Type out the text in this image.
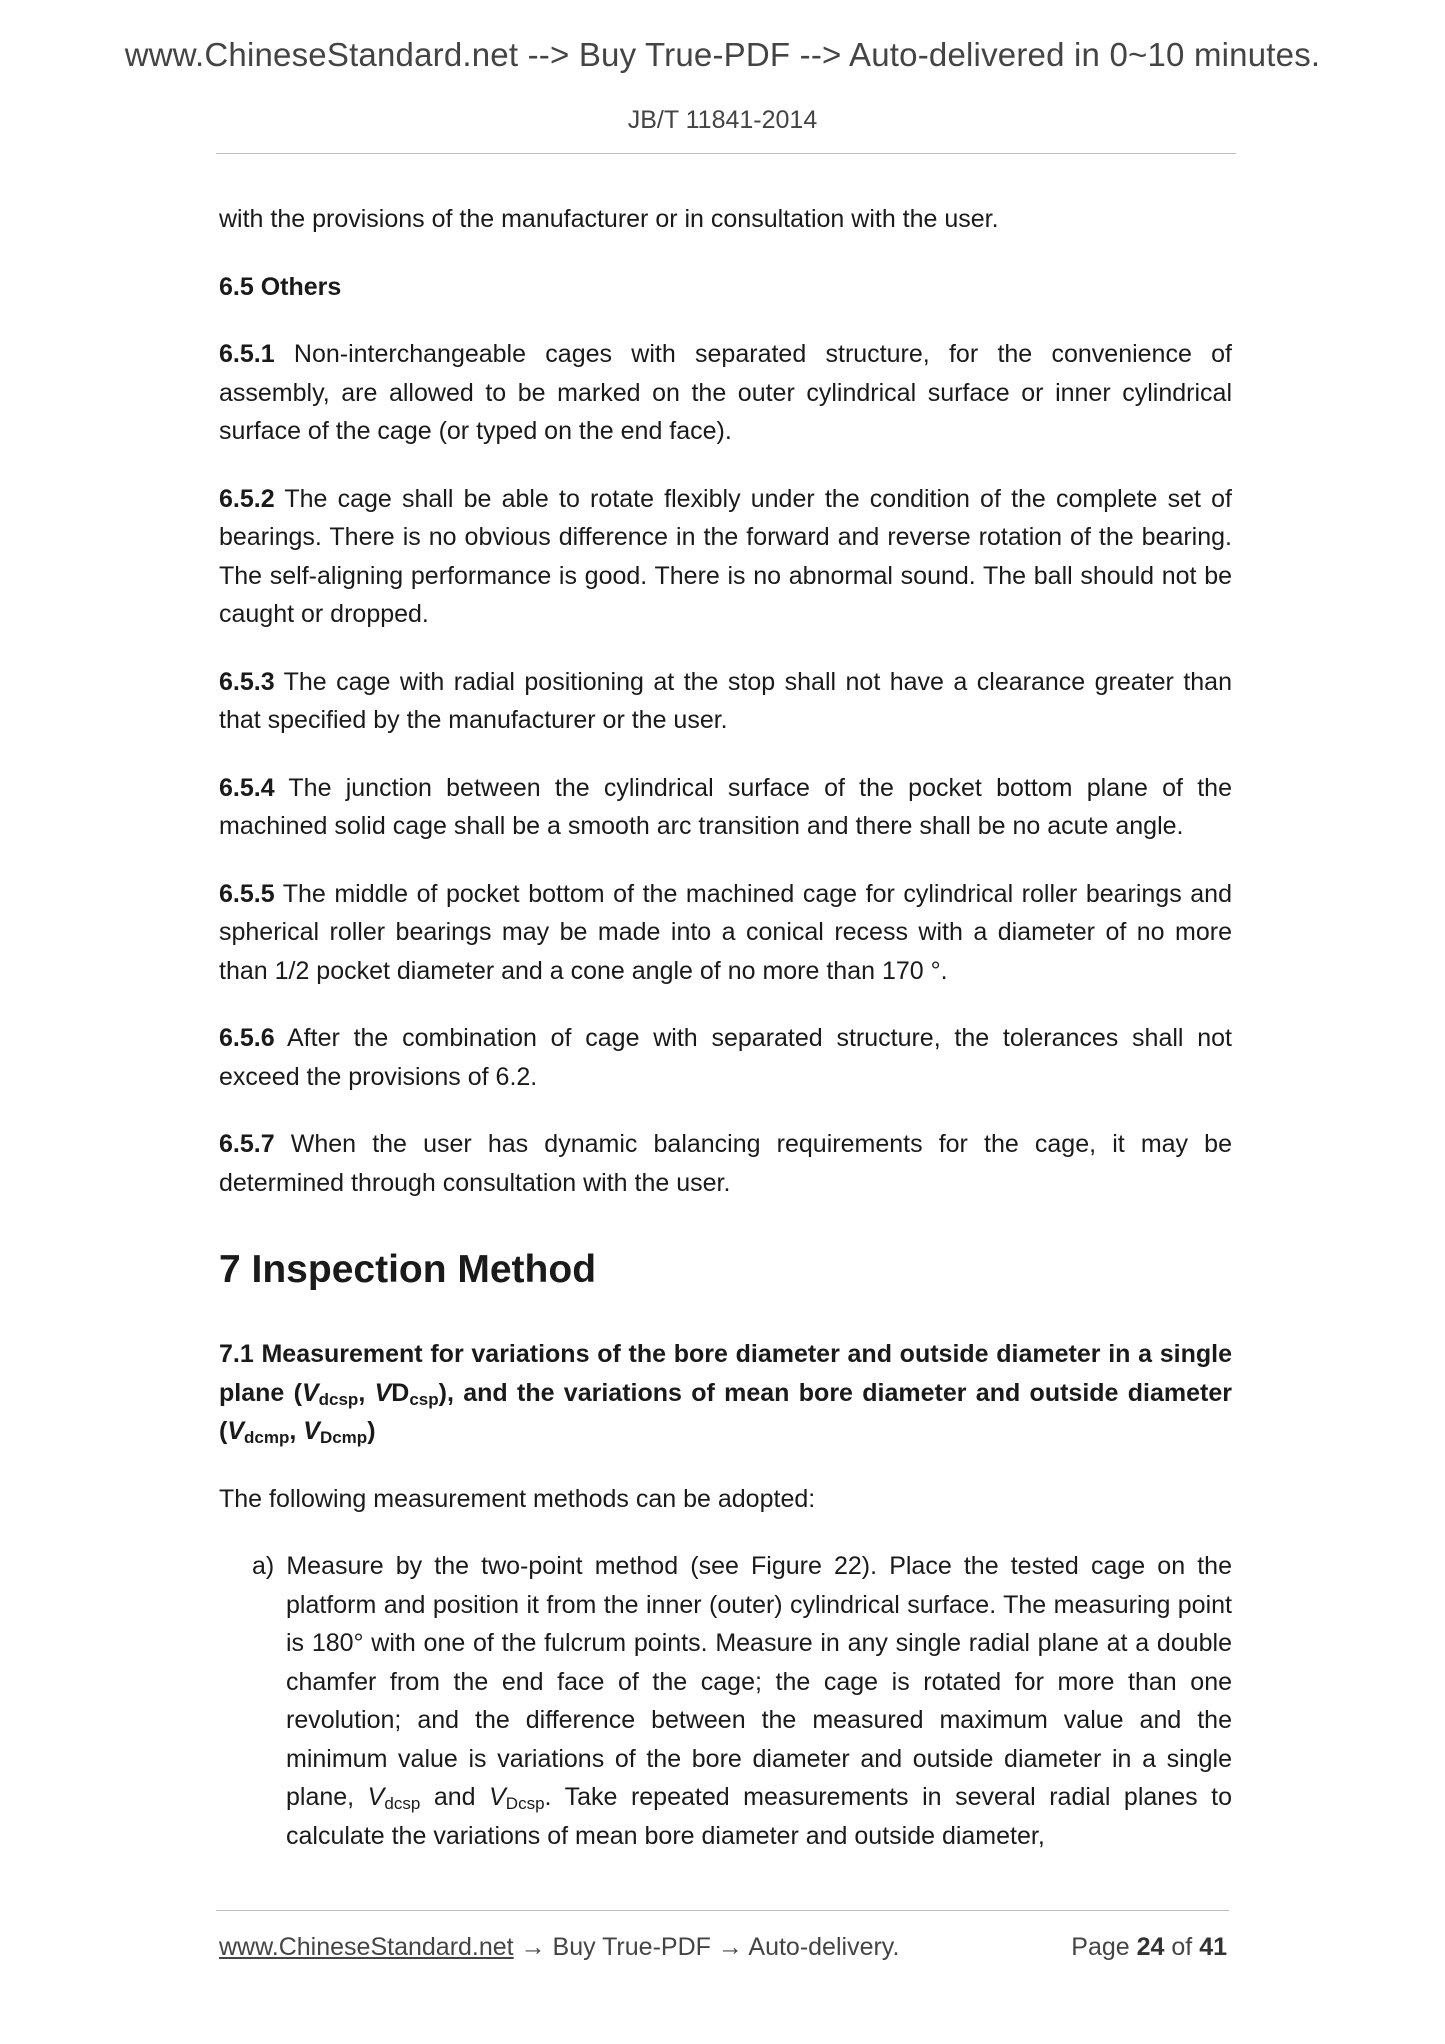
www.ChineseStandard.net --> Buy True-PDF --> Auto-delivered in 0~10 minutes.
JB/T 11841-2014

with the provisions of the manufacturer or in consultation with the user.

6.5 Others

6.5.1 Non-interchangeable cages with separated structure, for the convenience of assembly, are allowed to be marked on the outer cylindrical surface or inner cylindrical surface of the cage (or typed on the end face).

6.5.2 The cage shall be able to rotate flexibly under the condition of the complete set of bearings. There is no obvious difference in the forward and reverse rotation of the bearing. The self-aligning performance is good. There is no abnormal sound. The ball should not be caught or dropped.

6.5.3 The cage with radial positioning at the stop shall not have a clearance greater than that specified by the manufacturer or the user.

6.5.4 The junction between the cylindrical surface of the pocket bottom plane of the machined solid cage shall be a smooth arc transition and there shall be no acute angle.

6.5.5 The middle of pocket bottom of the machined cage for cylindrical roller bearings and spherical roller bearings may be made into a conical recess with a diameter of no more than 1/2 pocket diameter and a cone angle of no more than 170 °.

6.5.6 After the combination of cage with separated structure, the tolerances shall not exceed the provisions of 6.2.

6.5.7 When the user has dynamic balancing requirements for the cage, it may be determined through consultation with the user.

7 Inspection Method
7.1 Measurement for variations of the bore diameter and outside diameter in a single plane ($V_{dcsp}$, $VD_{csp}$), and the variations of mean bore diameter and outside diameter ($V_{dcmp}$, $V_{Dcmp}$)

The following measurement methods can be adopted:

a) Measure by the two-point method (see Figure 22). Place the tested cage on the platform and position it from the inner (outer) cylindrical surface. The measuring point is 180° with one of the fulcrum points. Measure in any single radial plane at a double chamfer from the end face of the cage; the cage is rotated for more than one revolution; and the difference between the measured maximum value and the minimum value is variations of the bore diameter and outside diameter in a single plane, $V_{dcsp}$ and $V_{Dcsp}$. Take repeated measurements in several radial planes to calculate the variations of mean bore diameter and outside diameter,

www.ChineseStandard.net → Buy True-PDF → Auto-delivery.	Page 24 of 41
